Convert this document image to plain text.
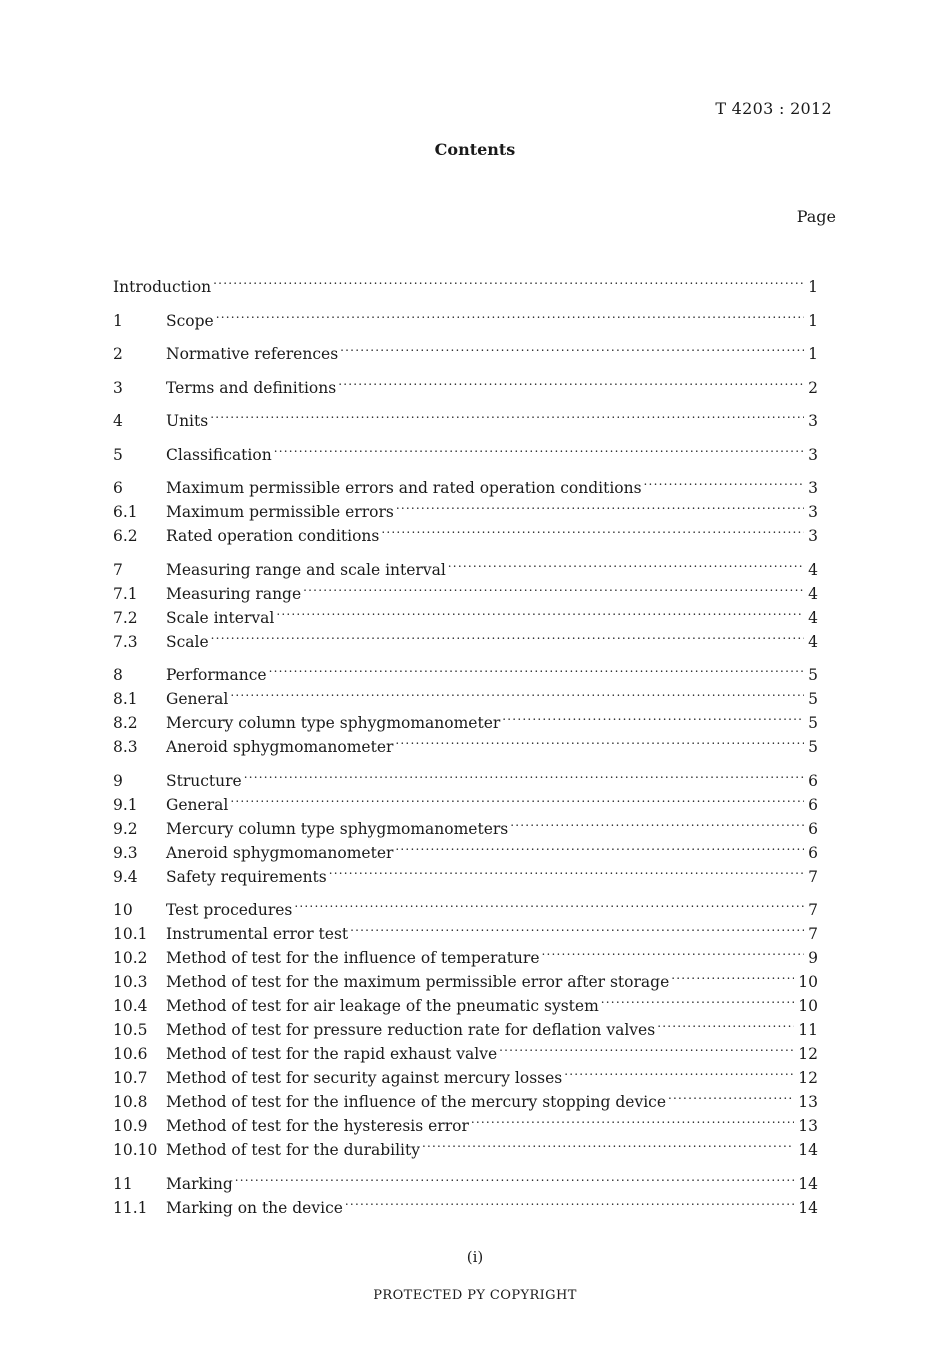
T 4203 : 2012
Contents
Page
Introduction .....	1
1	Scope .....	1
2	Normative references .....	1
3	Terms and definitions .....	2
4	Units .....	3
5	Classification .....	3
6	Maximum permissible errors and rated operation conditions .....	3
6.1	Maximum permissible errors .....	3
6.2	Rated operation conditions .....	3
7	Measuring range and scale interval .....	4
7.1	Measuring range .....	4
7.2	Scale interval .....	4
7.3	Scale .....	4
8	Performance .....	5
8.1	General .....	5
8.2	Mercury column type sphygmomanometer .....	5
8.3	Aneroid sphygmomanometer .....	5
9	Structure .....	6
9.1	General .....	6
9.2	Mercury column type sphygmomanometers .....	6
9.3	Aneroid sphygmomanometer .....	6
9.4	Safety requirements .....	7
10	Test procedures .....	7
10.1	Instrumental error test .....	7
10.2	Method of test for the influence of temperature .....	9
10.3	Method of test for the maximum permissible error after storage .....	10
10.4	Method of test for air leakage of the pneumatic system .....	10
10.5	Method of test for pressure reduction rate for deflation valves .....	11
10.6	Method of test for the rapid exhaust valve .....	12
10.7	Method of test for security against mercury losses .....	12
10.8	Method of test for the influence of the mercury stopping device .....	13
10.9	Method of test for the hysteresis error .....	13
10.10 Method of test for the durability .....	14
11	Marking .....	14
11.1	Marking on the device .....	14
(i)
PROTECTED PY COPYRIGHT
